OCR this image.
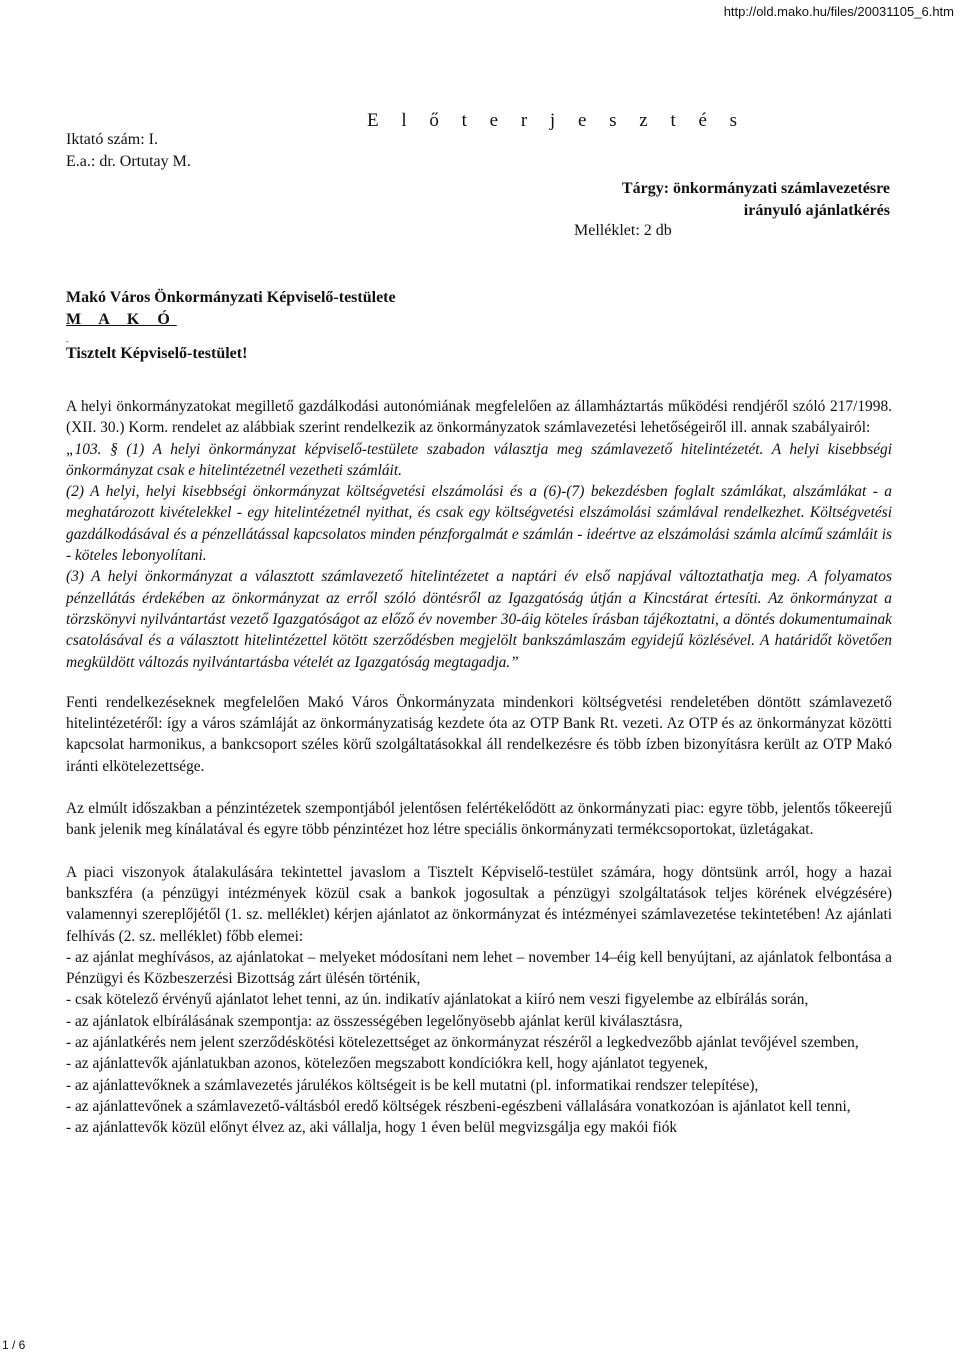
http://old.mako.hu/files/20031105_6.htm
E l ő t e r j e s z t é s
Iktató szám: I.
E.a.: dr. Ortutay M.
Tárgy: önkormányzati számlavezetésre
irányuló ajánlatkérés
Melléklet: 2 db
Makó Város Önkormányzati Képviselő-testülete
M A K Ó
-
Tisztelt Képviselő-testület!

A helyi önkormányzatokat megillető gazdálkodási autonómiának megfelelően az államháztartás működési rendjéről szóló 217/1998. (XII. 30.) Korm. rendelet az alábbiak szerint rendelkezik az önkormányzatok számlavezetési lehetőségeiről ill. annak szabályairól:

„103. § (1) A helyi önkormányzat képviselő-testülete szabadon választja meg számlavezető hitelintézetét. A helyi kisebbségi önkormányzat csak e hitelintézetnél vezetheti számláit.

(2) A helyi, helyi kisebbségi önkormányzat költségvetési elszámolási és a (6)-(7) bekezdésben foglalt számlákat, alszámlákat - a meghatározott kivételekkel - egy hitelintézetnél nyithat, és csak egy költségvetési elszámolási számlával rendelkezhet. Költségvetési gazdálkodásával és a pénzellátással kapcsolatos minden pénzforgalmát e számlán - ideértve az elszámolási számla alcímű számláit is - köteles lebonyolítani.

(3) A helyi önkormányzat a választott számlavezető hitelintézetet a naptári év első napjával változtathatja meg. A folyamatos pénzellátás érdekében az önkormányzat az erről szóló döntésről az Igazgatóság útján a Kincstárat értesíti. Az önkormányzat a törzskönyvi nyilvántartást vezető Igazgatóságot az előző év november 30-áig köteles írásban tájékoztatni, a döntés dokumentumainak csatolásával és a választott hitelintézettel kötött szerződésben megjelölt bankszámlaszám egyidejű közlésével. A határidőt követően megküldött változás nyilvántartásba vételét az Igazgatóság megtagadja.”

Fenti rendelkezéseknek megfelelően Makó Város Önkormányzata mindenkori költségvetési rendeletében döntött számlavezető hitelintézetéről: így a város számláját az önkormányzatiság kezdete óta az OTP Bank Rt. vezeti. Az OTP és az önkormányzat közötti kapcsolat harmonikus, a bankcsoport széles körű szolgáltatásokkal áll rendelkezésre és több ízben bizonyításra került az OTP Makó iránti elkötelezettsége.

Az elmúlt időszakban a pénzintézetek szempontjából jelentősen felértékelődött az önkormányzati piac: egyre több, jelentős tőkeerejű bank jelenik meg kínálatával és egyre több pénzintézet hoz létre speciális önkormányzati termékcsoportokat, üzletágakat.

A piaci viszonyok átalakulására tekintettel javaslom a Tisztelt Képviselő-testület számára, hogy döntsünk arról, hogy a hazai bankszféra (a pénzügyi intézmények közül csak a bankok jogosultak a pénzügyi szolgáltatások teljes körének elvégzésére) valamennyi szereplőjétől (1. sz. melléklet) kérjen ajánlatot az önkormányzat és intézményei számlavezetése tekintetében! Az ajánlati felhívás (2. sz. melléklet) főbb elemei:

- az ajánlat meghívásos, az ajánlatokat – melyeket módosítani nem lehet – november 14–éig kell benyújtani, az ajánlatok felbontása a Pénzügyi és Közbeszerzési Bizottság zárt ülésén történik,

- csak kötelező érvényű ajánlatot lehet tenni, az ún. indikatív ajánlatokat a kiíró nem veszi figyelembe az elbírálás során,

- az ajánlatok elbírálásának szempontja: az összességében legelőnyösebb ajánlat kerül kiválasztásra,

- az ajánlatkérés nem jelent szerződéskötési kötelezettséget az önkormányzat részéről a legkedvezőbb ajánlat tevőjével szemben,

- az ajánlattevők ajánlatukban azonos, kötelezően megszabott kondíciókra kell, hogy ajánlatot tegyenek,

- az ajánlattevőknek a számlavezetés járulékos költségeit is be kell mutatni (pl. informatikai rendszer telepítése),

- az ajánlattevőnek a számlavezető-váltásból eredő költségek részbeni-egészbeni vállalására vonatkozóan is ajánlatot kell tenni,

- az ajánlattevők közül előnyt élvez az, aki vállalja, hogy 1 éven belül megvizsgálja egy makói fiók

1 / 6
